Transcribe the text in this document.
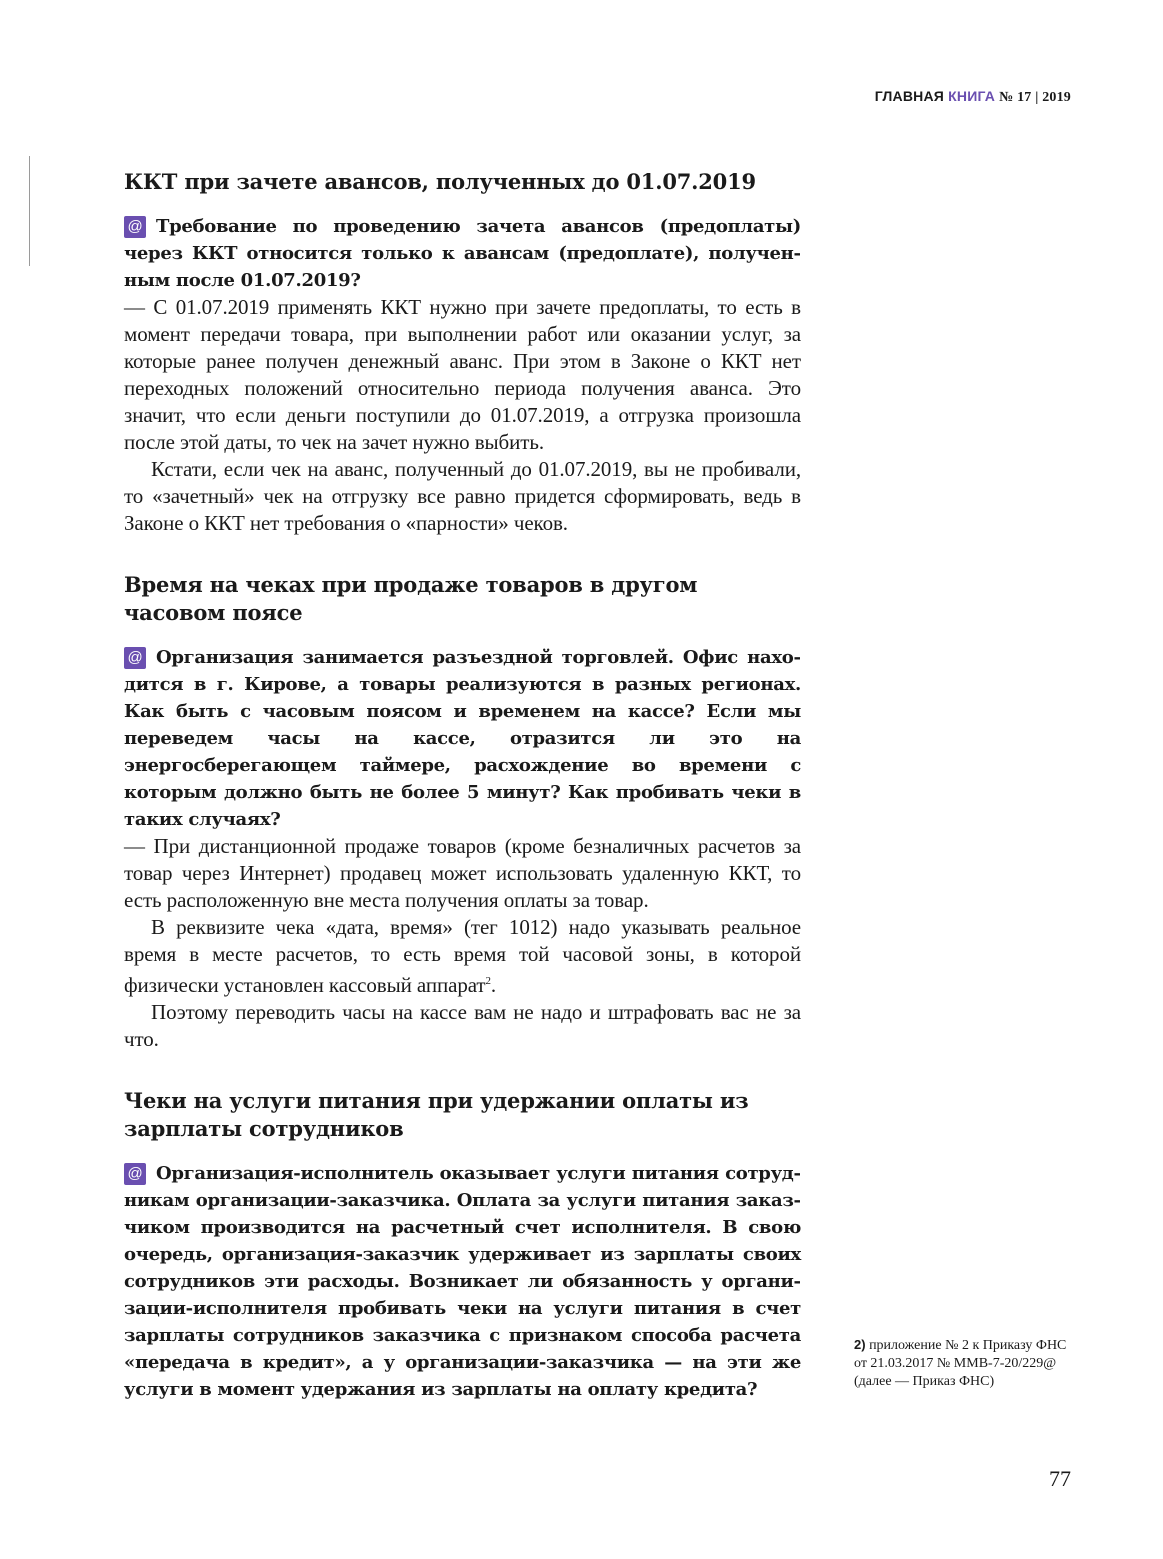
ГЛАВНАЯ КНИГА № 17 | 2019
ККТ при зачете авансов, полученных до 01.07.2019

@ Требование по проведению зачета авансов (предоплаты) через ККТ относится только к авансам (предоплате), полученным после 01.07.2019?

— С 01.07.2019 применять ККТ нужно при зачете предоплаты, то есть в момент передачи товара, при выполнении работ или оказании услуг, за которые ранее получен денежный аванс. При этом в Законе о ККТ нет переходных положений относительно периода получения аванса. Это значит, что если деньги поступили до 01.07.2019, а отгрузка произошла после этой даты, то чек на зачет нужно выбить.

Кстати, если чек на аванс, полученный до 01.07.2019, вы не пробивали, то «зачетный» чек на отгрузку все равно придется сформировать, ведь в Законе о ККТ нет требования о «парности» чеков.

Время на чеках при продаже товаров в другом часовом поясе

@ Организация занимается разъездной торговлей. Офис находится в г. Кирове, а товары реализуются в разных регионах. Как быть с часовым поясом и временем на кассе? Если мы переведем часы на кассе, отразится ли это на энергосберегающем таймере, расхождение во времени с которым должно быть не более 5 минут? Как пробивать чеки в таких случаях?

— При дистанционной продаже товаров (кроме безналичных расчетов за товар через Интернет) продавец может использовать удаленную ККТ, то есть расположенную вне места получения оплаты за товар.

В реквизите чека «дата, время» (тег 1012) надо указывать реальное время в месте расчетов, то есть время той часовой зоны, в которой физически установлен кассовый аппарат$^2$.

Поэтому переводить часы на кассе вам не надо и штрафовать вас не за что.

Чеки на услуги питания при удержании оплаты из зарплаты сотрудников

@ Организация-исполнитель оказывает услуги питания сотрудникам организации-заказчика. Оплата за услуги питания заказчиком производится на расчетный счет исполнителя. В свою очередь, организация-заказчик удерживает из зарплаты своих сотрудников эти расходы. Возникает ли обязанность у организации-исполнителя пробивать чеки на услуги питания в счет зарплаты сотрудников заказчика с признаком способа расчета «передача в кредит», а у организации-заказчика — на эти же услуги в момент удержания из зарплаты на оплату кредита?

2) приложение № 2 к Приказу ФНС от 21.03.2017 № ММВ-7-20/229@ (далее — Приказ ФНС)
77
